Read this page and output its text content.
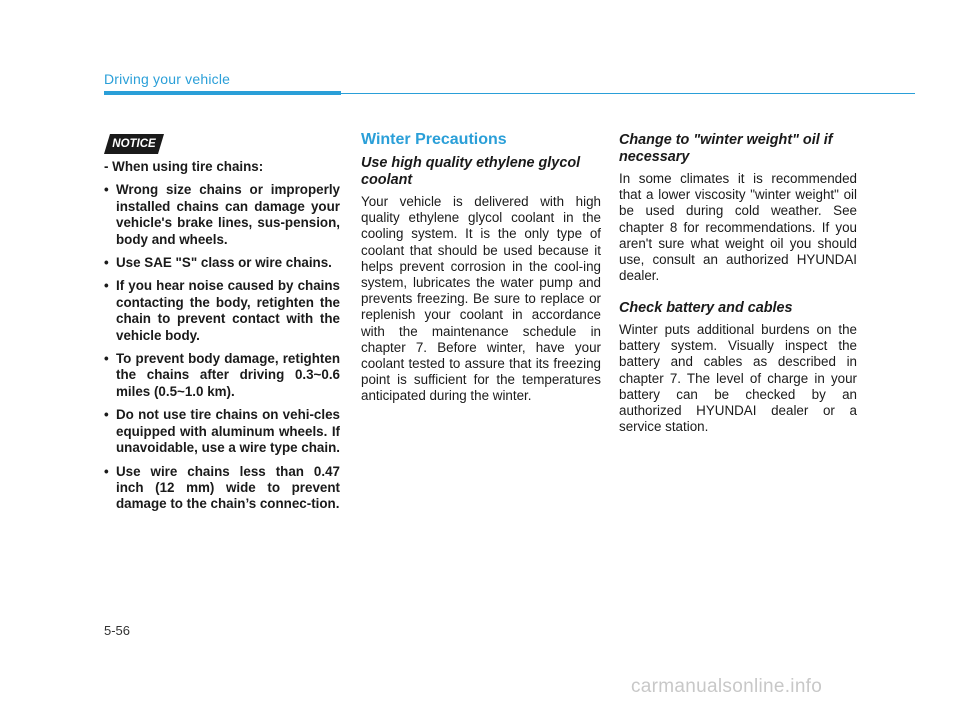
Driving your vehicle
NOTICE

- When using tire chains:

• Wrong size chains or improperly installed chains can damage your vehicle's brake lines, sus-pension, body and wheels.
• Use SAE "S" class or wire chains.
• If you hear noise caused by chains contacting the body, retighten the chain to prevent contact with the vehicle body.
• To prevent body damage, retighten the chains after driving 0.3~0.6 miles (0.5~1.0 km).
• Do not use tire chains on vehi-cles equipped with aluminum wheels. If unavoidable, use a wire type chain.
• Use wire chains less than 0.47 inch (12 mm) wide to prevent damage to the chain’s connec-tion.
Winter Precautions

Use high quality ethylene glycol coolant

Your vehicle is delivered with high quality ethylene glycol coolant in the cooling system. It is the only type of coolant that should be used because it helps prevent corrosion in the cool-ing system, lubricates the water pump and prevents freezing. Be sure to replace or replenish your coolant in accordance with the maintenance schedule in chapter 7. Before winter, have your coolant tested to assure that its freezing point is sufficient for the temperatures anticipated during the winter.

Change to "winter weight" oil if necessary

In some climates it is recommended that a lower viscosity "winter weight" oil be used during cold weather. See chapter 8 for recommendations. If you aren't sure what weight oil you should use, consult an authorized HYUNDAI dealer.

Check battery and cables

Winter puts additional burdens on the battery system. Visually inspect the battery and cables as described in chapter 7. The level of charge in your battery can be checked by an authorized HYUNDAI dealer or a service station.

5-56
carmanualsonline.info
